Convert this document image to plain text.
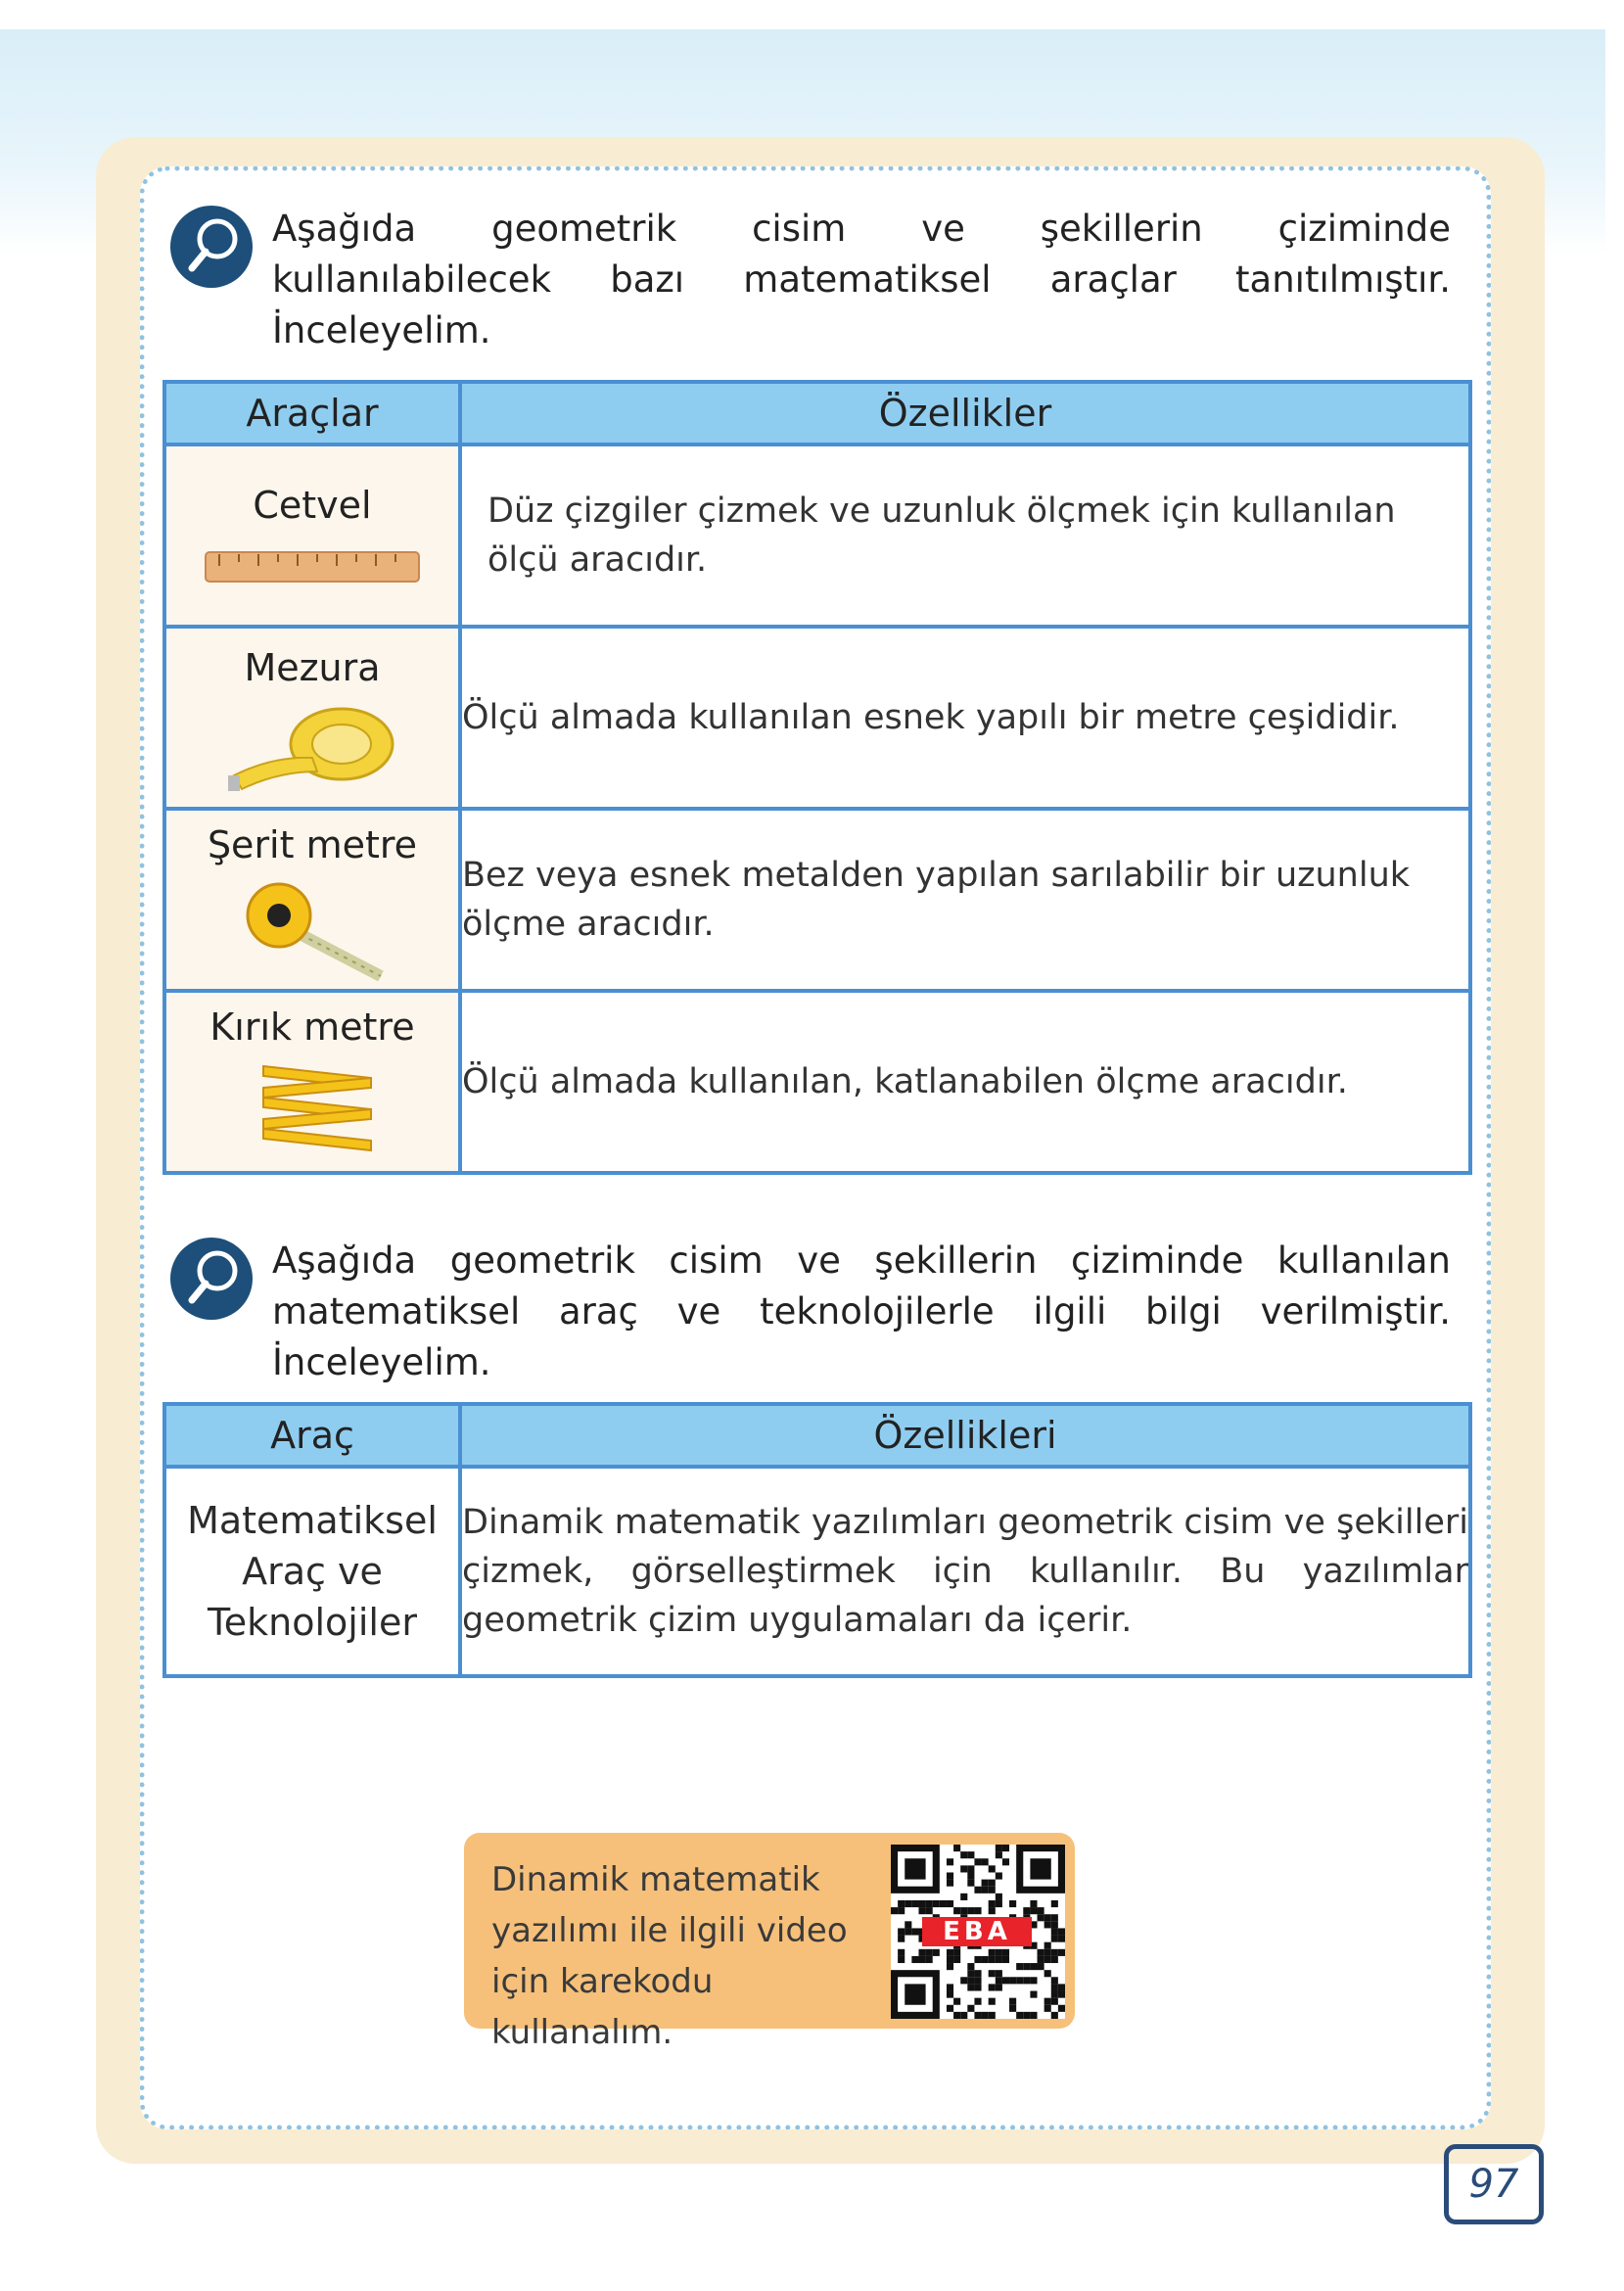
Aşağıda geometrik cisim ve şekillerin çiziminde kullanılabilecek bazı matematiksel araçlar tanıtılmıştır. İnceleyelim.
Araçlar	Özellikler

Cetvel	Düz çizgiler çizmek ve uzunluk ölçmek için kullanılan ölçü aracıdır.

Mezura	Ölçü almada kullanılan esnek yapılı bir metre çeşididir.

Şerit metre	Bez veya esnek metalden yapılan sarılabilir bir uzunluk ölçme aracıdır.

Kırık metre	Ölçü almada kullanılan, katlanabilen ölçme aracıdır.
Aşağıda geometrik cisim ve şekillerin çiziminde kullanılan matematiksel araç ve teknolojilerle ilgili bilgi verilmiştir. İnceleyelim.
Araç	Özellikleri

Matematiksel Araç ve Teknolojiler	Dinamik matematik yazılımları geometrik cisim ve şekilleri çizmek, görselleştirmek için kullanılır. Bu yazılımlar geometrik çizim uygulamaları da içerir.
Dinamik matematik yazılımı ile ilgili video için karekodu kullanalım.
EBA
97
